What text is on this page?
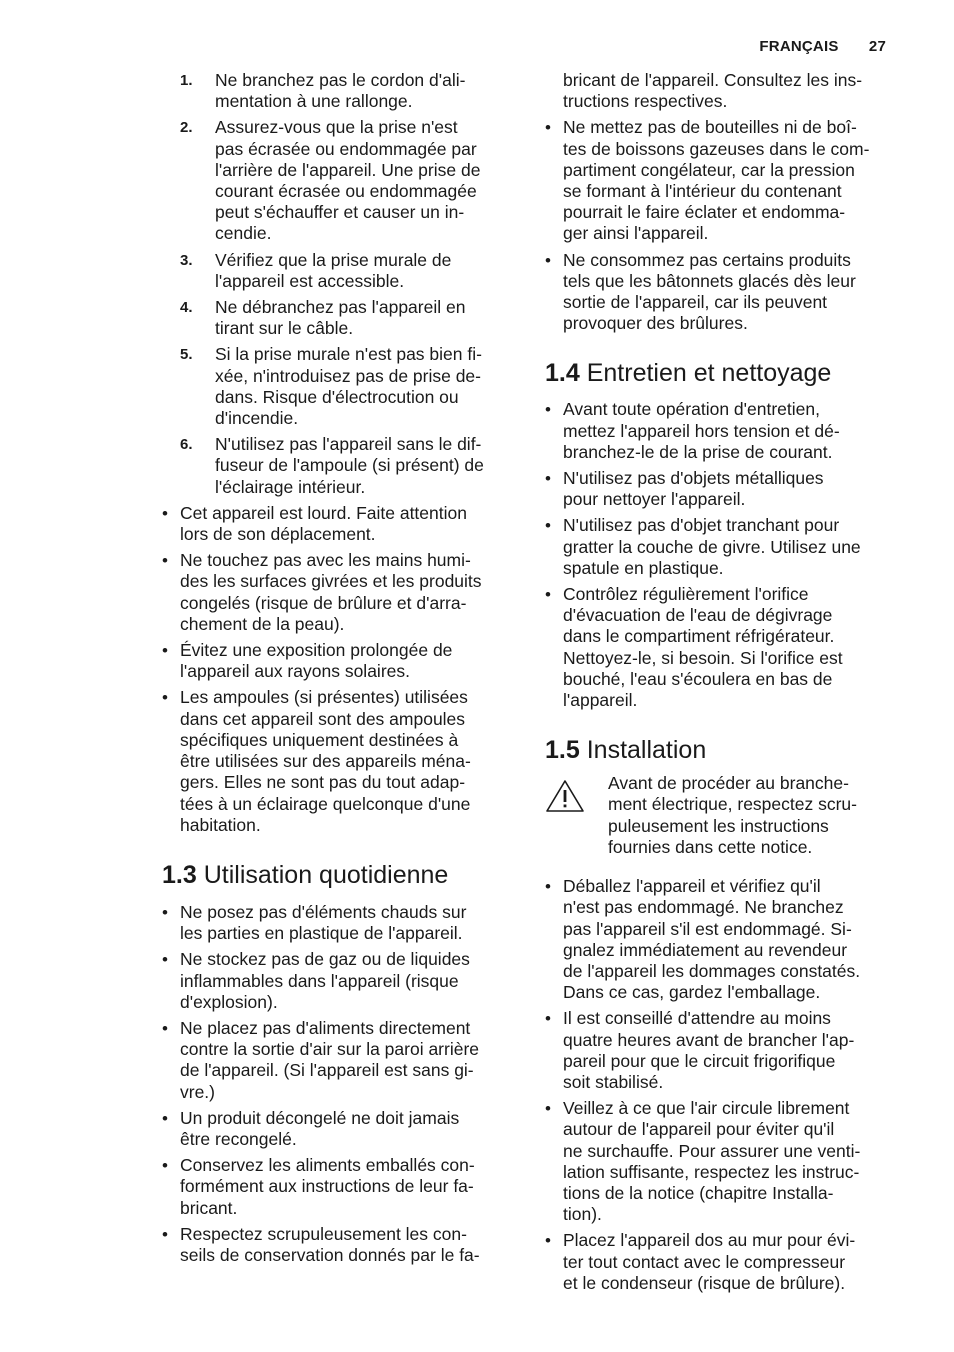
FRANÇAIS 27
1. Ne branchez pas le cordon d'ali-
mentation à une rallonge.
2. Assurez-vous que la prise n'est
pas écrasée ou endommagée par
l'arrière de l'appareil. Une prise de
courant écrasée ou endommagée
peut s'échauffer et causer un in-
cendie.
3. Vérifiez que la prise murale de
l'appareil est accessible.
4. Ne débranchez pas l'appareil en
tirant sur le câble.
5. Si la prise murale n'est pas bien fi-
xée, n'introduisez pas de prise de-
dans. Risque d'électrocution ou
d'incendie.
6. N'utilisez pas l'appareil sans le dif-
fuseur de l'ampoule (si présent) de
l'éclairage intérieur.
• Cet appareil est lourd. Faite attention
lors de son déplacement.
• Ne touchez pas avec les mains humi-
des les surfaces givrées et les produits
congelés (risque de brûlure et d'arra-
chement de la peau).
• Évitez une exposition prolongée de
l'appareil aux rayons solaires.
• Les ampoules (si présentes) utilisées
dans cet appareil sont des ampoules
spécifiques uniquement destinées à
être utilisées sur des appareils ména-
gers. Elles ne sont pas du tout adap-
tées à un éclairage quelconque d'une
habitation.
1.3 Utilisation quotidienne
• Ne posez pas d'éléments chauds sur
les parties en plastique de l'appareil.
• Ne stockez pas de gaz ou de liquides
inflammables dans l'appareil (risque
d'explosion).
• Ne placez pas d'aliments directement
contre la sortie d'air sur la paroi arrière
de l'appareil. (Si l'appareil est sans gi-
vre.)
• Un produit décongelé ne doit jamais
être recongelé.
• Conservez les aliments emballés con-
formément aux instructions de leur fa-
bricant.
• Respectez scrupuleusement les con-
seils de conservation donnés par le fa-
bricant de l'appareil. Consultez les ins-
tructions respectives.
• Ne mettez pas de bouteilles ni de boî-
tes de boissons gazeuses dans le com-
partiment congélateur, car la pression
se formant à l'intérieur du contenant
pourrait le faire éclater et endomma-
ger ainsi l'appareil.
• Ne consommez pas certains produits
tels que les bâtonnets glacés dès leur
sortie de l'appareil, car ils peuvent
provoquer des brûlures.
1.4 Entretien et nettoyage
• Avant toute opération d'entretien,
mettez l'appareil hors tension et dé-
branchez-le de la prise de courant.
• N'utilisez pas d'objets métalliques
pour nettoyer l'appareil.
• N'utilisez pas d'objet tranchant pour
gratter la couche de givre. Utilisez une
spatule en plastique.
• Contrôlez régulièrement l'orifice
d'évacuation de l'eau de dégivrage
dans le compartiment réfrigérateur.
Nettoyez-le, si besoin. Si l'orifice est
bouché, l'eau s'écoulera en bas de
l'appareil.
1.5 Installation
Avant de procéder au branche-
ment électrique, respectez scru-
puleusement les instructions
fournies dans cette notice.
• Déballez l'appareil et vérifiez qu'il
n'est pas endommagé. Ne branchez
pas l'appareil s'il est endommagé. Si-
gnalez immédiatement au revendeur
de l'appareil les dommages constatés.
Dans ce cas, gardez l'emballage.
• Il est conseillé d'attendre au moins
quatre heures avant de brancher l'ap-
pareil pour que le circuit frigorifique
soit stabilisé.
• Veillez à ce que l'air circule librement
autour de l'appareil pour éviter qu'il
ne surchauffe. Pour assurer une venti-
lation suffisante, respectez les instruc-
tions de la notice (chapitre Installa-
tion).
• Placez l'appareil dos au mur pour évi-
ter tout contact avec le compresseur
et le condenseur (risque de brûlure).
